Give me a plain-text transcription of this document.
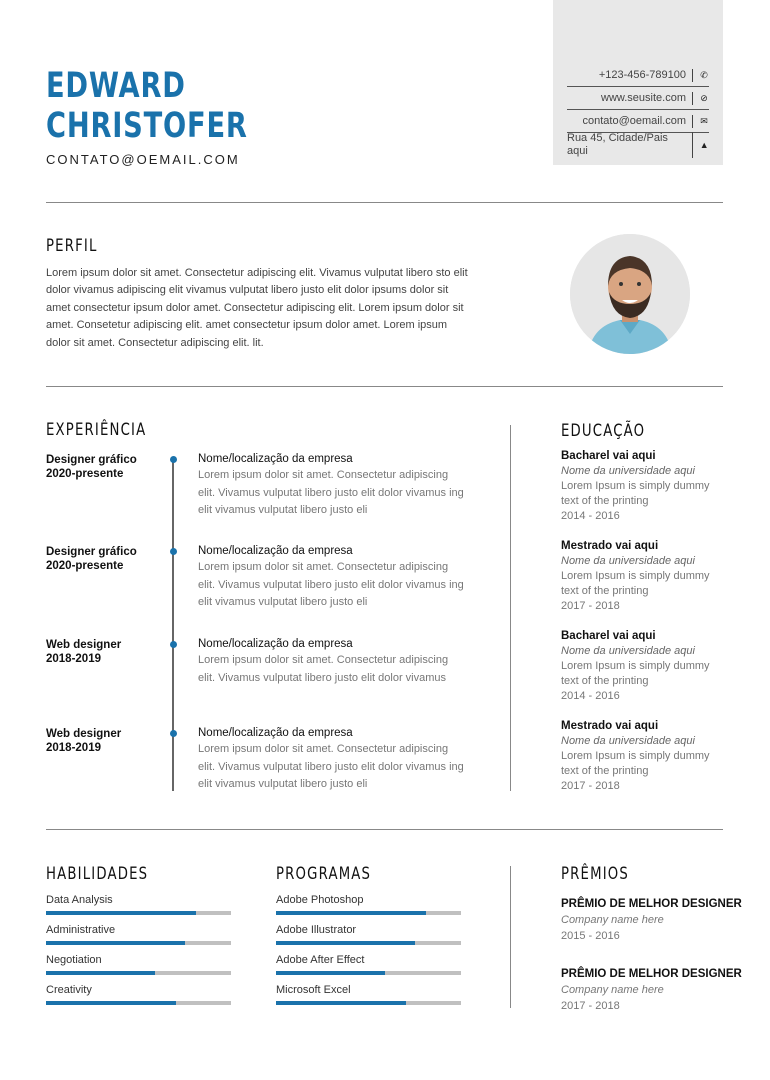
EDWARD
CHRISTOFER
CONTATO@OEMAIL.COM
+123-456-789100	✆
www.seusite.com	⊘
contato@oemail.com	✉
Rua 45, Cidade/Pais aqui	▲
PERFIL
Lorem ipsum dolor sit amet. Consectetur adipiscing elit. Vivamus vulputat libero sto elit dolor vivamus adipiscing elit vivamus vulputat libero justo elit dolor ipsums dolor sit amet consectetur ipsum dolor amet. Consectetur adipiscing elit. Lorem ipsum dolor sit amet. Consetetur adipiscing elit. amet consectetur ipsum dolor amet. Lorem ipsum dolor sit amet. Consectetur adipiscing elit. lit.
EXPERIÊNCIA
Designer gráfico
2020-presente
Nome/localização da empresa
Lorem ipsum dolor sit amet. Consectetur adipiscing elit. Vivamus vulputat libero justo elit dolor vivamus ing elit vivamus vulputat libero justo eli
Designer gráfico
2020-presente
Nome/localização da empresa
Lorem ipsum dolor sit amet. Consectetur adipiscing elit. Vivamus vulputat libero justo elit dolor vivamus ing elit vivamus vulputat libero justo eli
Web designer
2018-2019
Nome/localização da empresa
Lorem ipsum dolor sit amet. Consectetur adipiscing elit. Vivamus vulputat libero justo elit dolor vivamus
Web designer
2018-2019
Nome/localização da empresa
Lorem ipsum dolor sit amet. Consectetur adipiscing elit. Vivamus vulputat libero justo elit dolor vivamus ing elit vivamus vulputat libero justo eli
EDUCAÇÃO
Bacharel vai aqui
Nome da universidade aqui
Lorem Ipsum is simply dummy
text of the printing
2014 - 2016
Mestrado vai aqui
Nome da universidade aqui
Lorem Ipsum is simply dummy
text of the printing
2017 - 2018
Bacharel vai aqui
Nome da universidade aqui
Lorem Ipsum is simply dummy
text of the printing
2014 - 2016
Mestrado vai aqui
Nome da universidade aqui
Lorem Ipsum is simply dummy
text of the printing
2017 - 2018
HABILIDADES
Data Analysis
Administrative
Negotiation
Creativity
PROGRAMAS
Adobe Photoshop
Adobe Illustrator
Adobe After Effect
Microsoft Excel
PRÊMIOS
PRÊMIO DE MELHOR DESIGNER
Company name here
2015 - 2016
PRÊMIO DE MELHOR DESIGNER
Company name here
2017 - 2018
